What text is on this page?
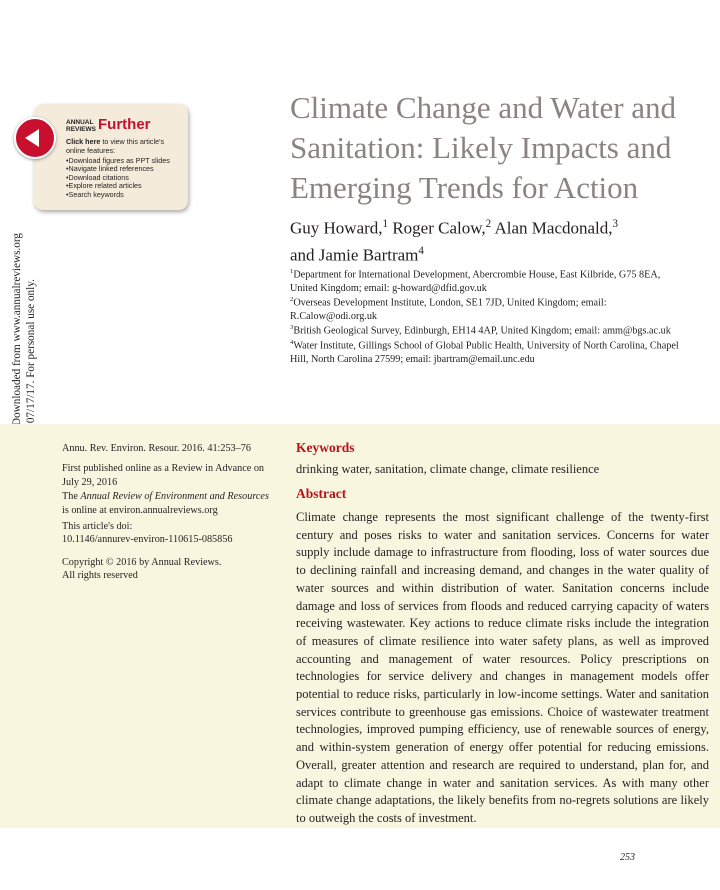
ANNUAL
REVIEWS Further
Click here to view this article's online features:
• Download figures as PPT slides
• Navigate linked references
• Download citations
• Explore related articles
• Search keywords
Climate Change and Water and Sanitation: Likely Impacts and Emerging Trends for Action
Guy Howard,$^1$ Roger Calow,$^2$ Alan Macdonald,$^3$
and Jamie Bartram$^4$
$^1$Department for International Development, Abercrombie House, East Kilbride, G75 8EA, United Kingdom; email: g-howard@dfid.gov.uk
$^2$Overseas Development Institute, London, SE1 7JD, United Kingdom; email: R.Calow@odi.org.uk
$^3$British Geological Survey, Edinburgh, EH14 4AP, United Kingdom; email: amm@bgs.ac.uk
$^4$Water Institute, Gillings School of Global Public Health, University of North Carolina, Chapel Hill, North Carolina 27599; email: jbartram@email.unc.edu
Annu. Rev. Environ. Resour. 2016. 41:253–76
First published online as a Review in Advance on July 29, 2016
The Annual Review of Environment and Resources is online at environ.annualreviews.org
This article's doi:
10.1146/annurev-environ-110615-085856
Copyright © 2016 by Annual Reviews.
All rights reserved
Keywords
drinking water, sanitation, climate change, climate resilience
Abstract
Climate change represents the most significant challenge of the twenty-first century and poses risks to water and sanitation services. Concerns for water supply include damage to infrastructure from flooding, loss of water sources due to declining rainfall and increasing demand, and changes in the water quality of water sources and within distribution of water. Sanitation concerns include damage and loss of services from floods and reduced carrying capacity of waters receiving wastewater. Key actions to reduce climate risks include the integration of measures of climate resilience into water safety plans, as well as improved accounting and management of water resources. Policy prescriptions on technologies for service delivery and changes in management models offer potential to reduce risks, particularly in low-income settings. Water and sanitation services contribute to greenhouse gas emissions. Choice of wastewater treatment technologies, improved pumping efficiency, use of renewable sources of energy, and within-system generation of energy offer potential for reducing emissions. Overall, greater attention and research are required to understand, plan for, and adapt to climate change in water and sanitation services. As with many other climate change adaptations, the likely benefits from no-regrets solutions are likely to outweigh the costs of investment.
253
